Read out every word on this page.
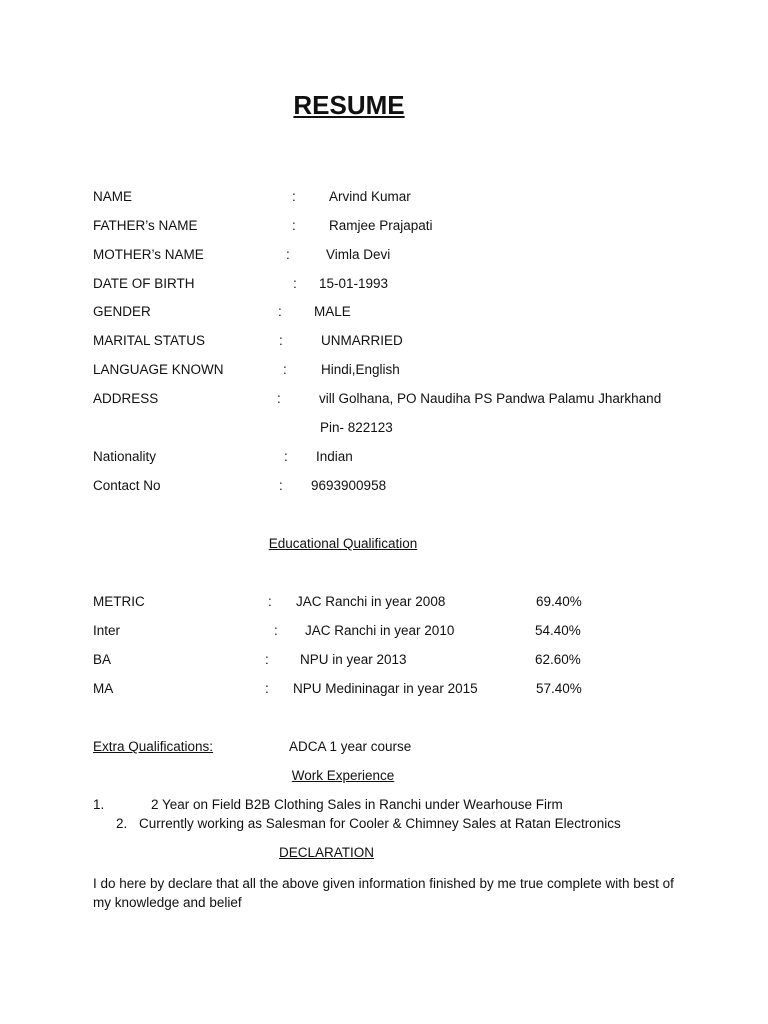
RESUME
NAME	: Arvind Kumar
FATHER’s NAME	: Ramjee Prajapati
MOTHER’s NAME	:	Vimla Devi
DATE OF BIRTH	: 15-01-1993
GENDER	: MALE
MARITAL STATUS	:	UNMARRIED
LANGUAGE KNOWN	:	Hindi,English
ADDRESS	:	vill Golhana, PO Naudiha PS Pandwa Palamu Jharkhand
Pin- 822123
Nationality	: Indian
Contact No	: 9693900958
Educational Qualification
METRIC	: JAC Ranchi in year 2008	69.40%
Inter	: JAC Ranchi in year 2010	54.40%
BA	: NPU in year 2013	62.60%
MA	: NPU Medininagar in year 2015	57.40%
Extra Qualifications:	ADCA 1 year course
Work Experience
1.	2 Year on Field B2B Clothing Sales in Ranchi under Wearhouse Firm
2. Currently working as Salesman for Cooler & Chimney Sales at Ratan Electronics
DECLARATION
I do here by declare that all the above given information finished by me true complete with best of my knowledge and belief
